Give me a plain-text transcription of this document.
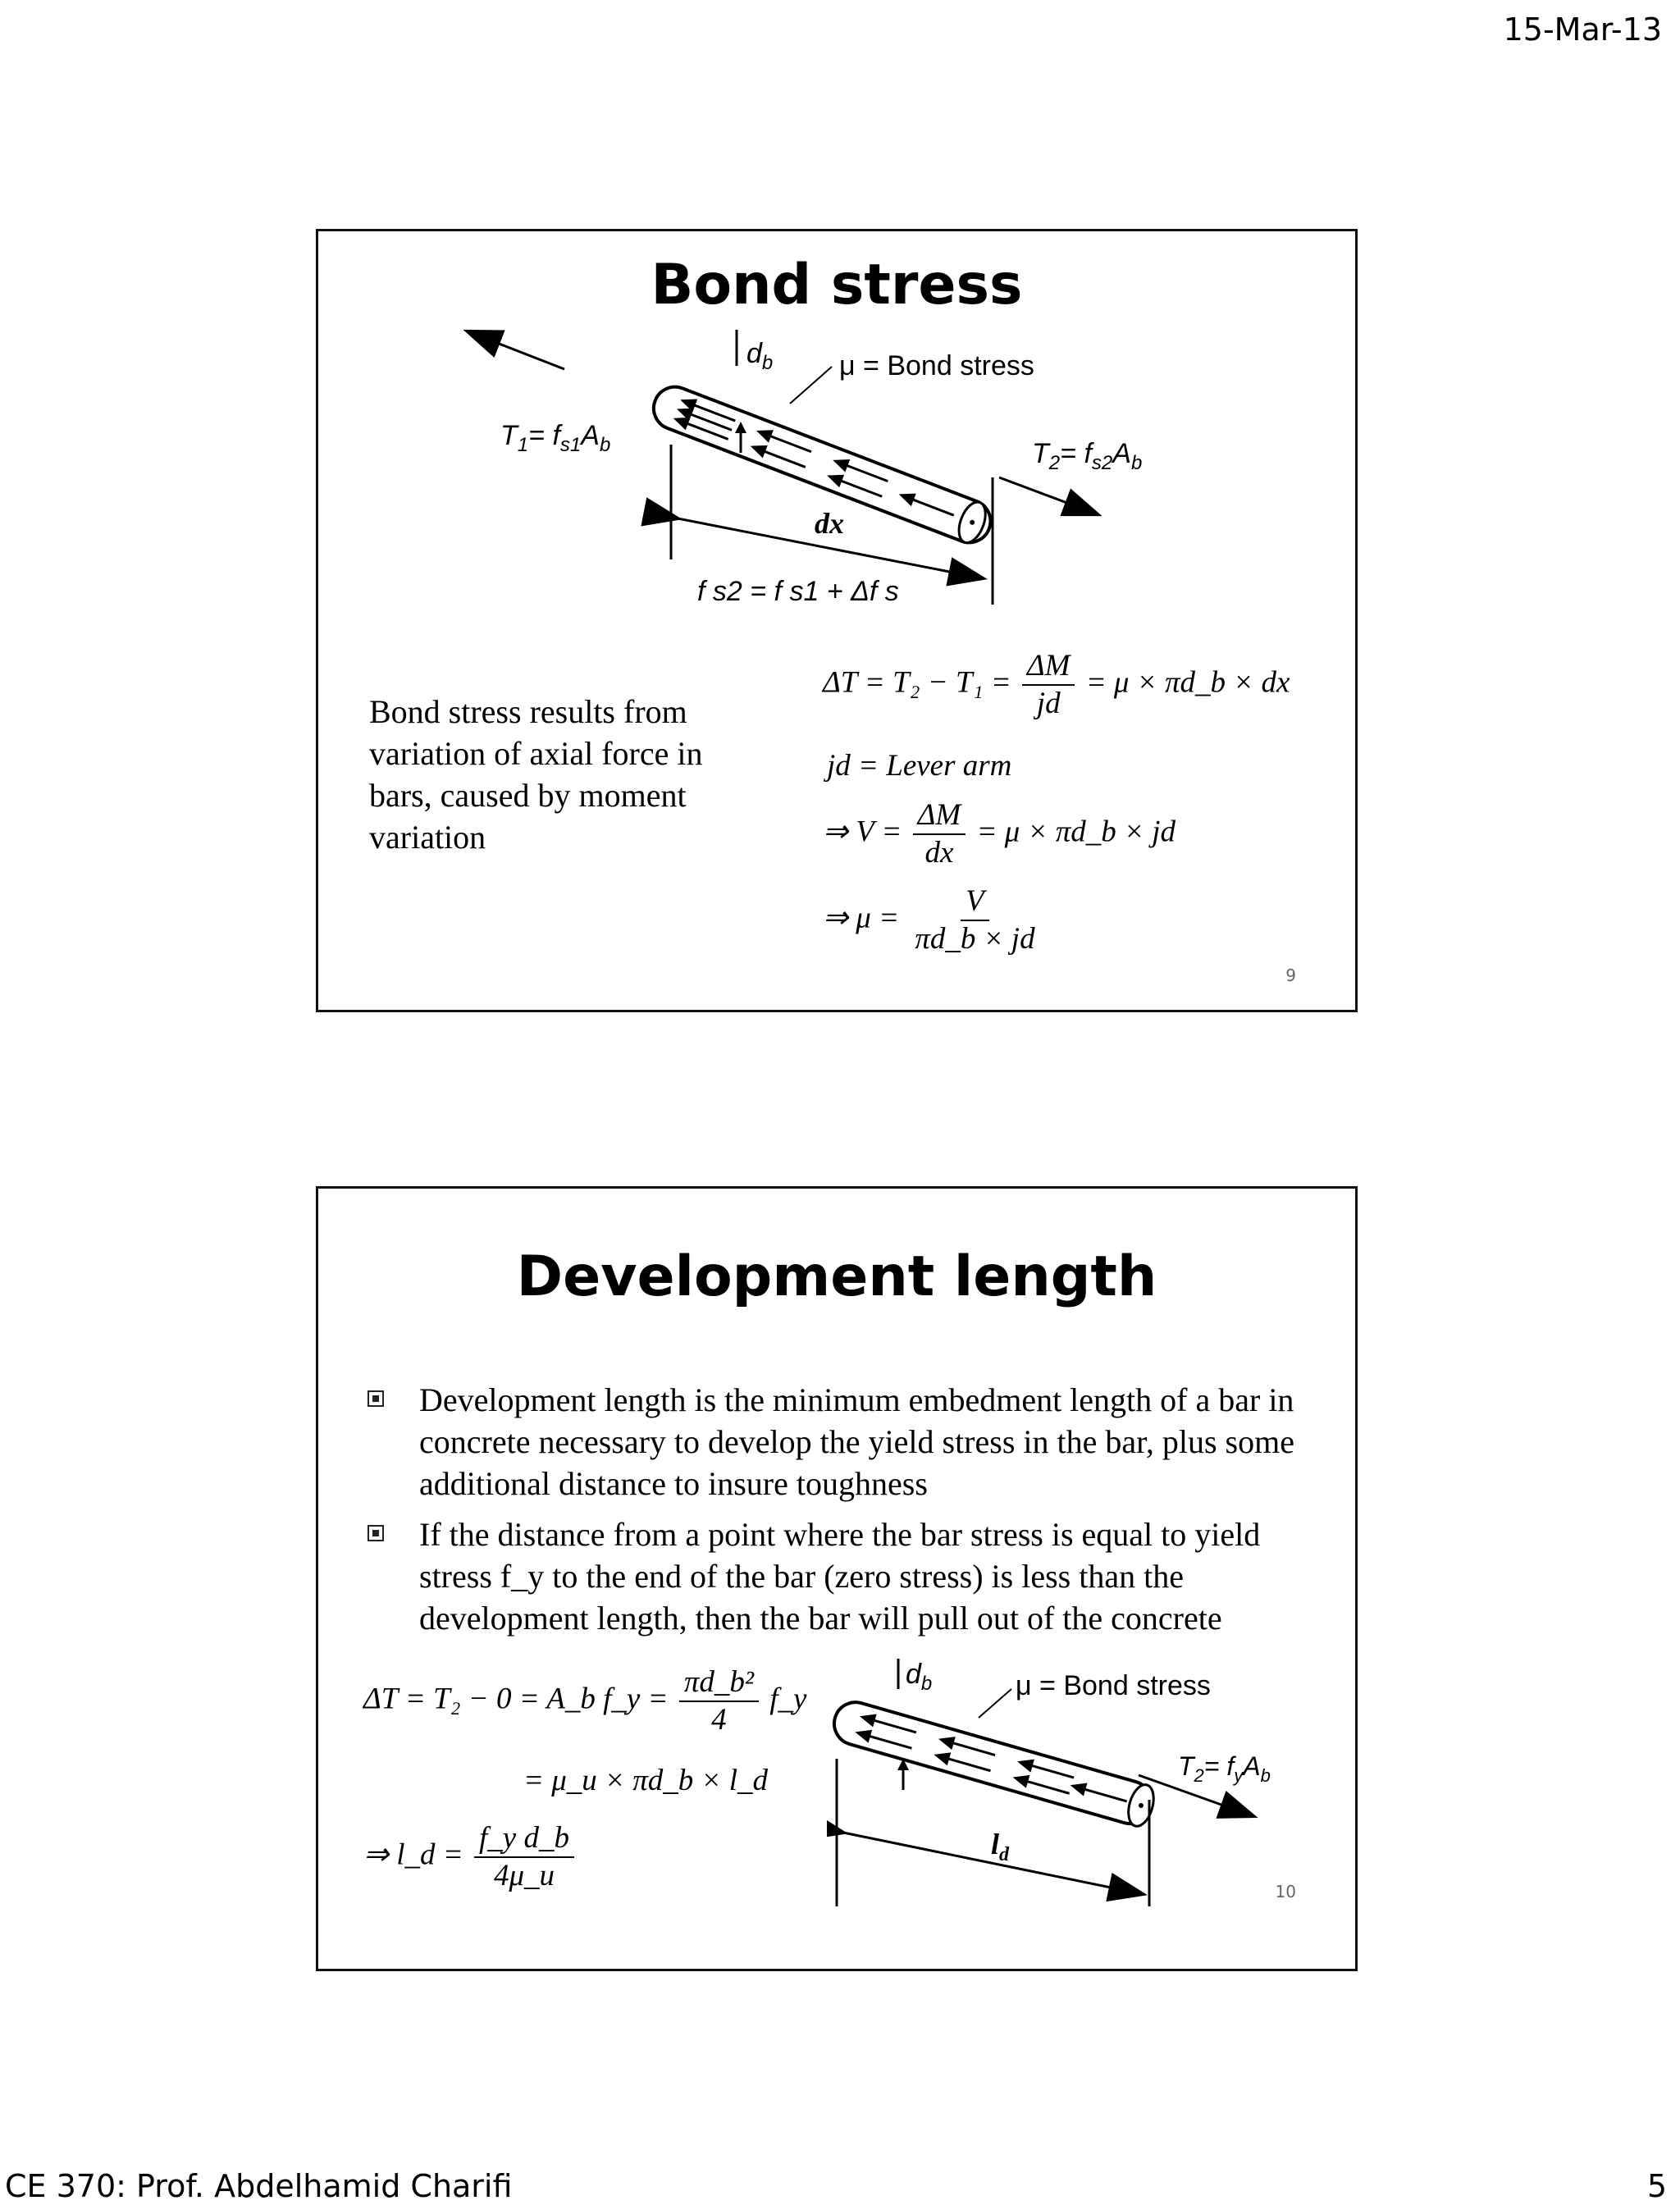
15-Mar-13
Bond stress
$d_b$ μ = Bond stress
$T_1= f_{s1}A_b$	$T_2= f_{s2}A_b$
dx
f s2 = f s1 + Δf s
Bond stress results from variation of axial force in bars, caused by moment variation
$\Delta T = T_2 - T_1 = \frac{\Delta M}{jd} = \mu$ × πd_b × dx
jd = Lever arm
⇒ $V = \frac{\Delta M}{dx} = \mu$ × πd_b × jd
⇒ $\mu = \frac{V}{\pi d\_b \times jd}$
9
Development length
Development length is the minimum embedment length of a bar in concrete necessary to develop the yield stress in the bar, plus some additional distance to insure toughness
If the distance from a point where the bar stress is equal to yield stress f_y to the end of the bar (zero stress) is less than the development length, then the bar will pull out of the concrete
ΔT = T₂ − 0 = A_b f_y = $\frac{\text{πd\_b²}}{4}$ f_y
= μ_u × πd_b × l_d
⇒ l_d = $\frac{\text{f\_y d\_b}}{4\mu\_u}$
$d_b$	μ = Bond stress
$T_2= f_yA_b$
$l_d$
10
CE 370: Prof. Abdelhamid Charifi	5
